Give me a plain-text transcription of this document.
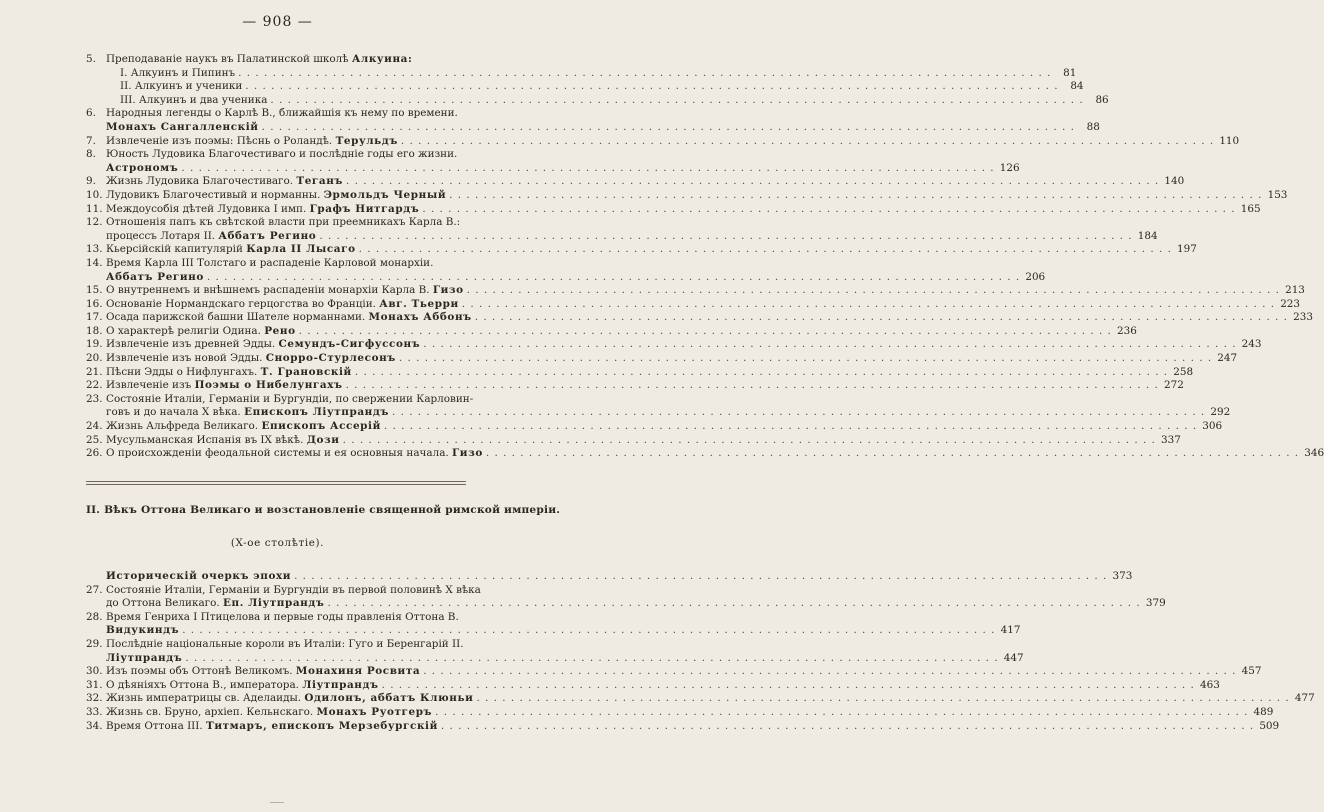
— 908 —
5. Преподаванiе наукъ въ Палатинской школѣ Алкуина:
I. Алкуинъ и Пипинъ . . .	81
II. Алкуинъ и ученики . . .	84
III. Алкуинъ и два ученика . . .	86
6. Народныя легенды о Карлѣ В., ближайшiя къ нему по времени.
Монахъ Сангалленскiй . . .	88
7. Извлеченiе изъ поэмы: Пѣснь о Роландѣ. Терульдъ . . .	110
8. Юность Лудовика Благочестиваго и послѣднiе годы его жизни.
Астрономъ . . .	126
9. Жизнь Лудовика Благочестиваго. Теганъ . . .	140
10. Лудовикъ Благочестивый и норманны. Эрмольдъ Черный . . .	153
11. Междоусобiя дѣтей Лудовика I имп. Графъ Нитгардъ . . .	165
12. Отношенiя папъ къ свѣтской власти при преемникахъ Карла В.:
процессъ Лотаря II. Аббатъ Регино . . .	184
13. Кьерсiйскiй капитулярiй Карла II Лысаго . . .	197
14. Время Карла III Толстаго и распаденiе Карловой монархiи.
Аббатъ Регино . . .	206
15. О внутреннемъ и внѣшнемъ распаденiи монархiи Карла В. Гизо . . .	213
16. Основанiе Нормандскаго герцогства во Францiи. Авг. Тьерри . . .	223
17. Осада парижской башни Шателе норманнами. Монахъ Аббонъ . . .	233
18. О характерѣ религiи Одина. Рено . . .	236
19. Извлеченiе изъ древней Эдды. Семундъ-Сигфуссонъ . . .	243
20. Извлеченiе изъ новой Эдды. Снорро-Стурлесонъ . . .	247
21. Пѣсни Эдды о Нифлунгахъ. Т. Грановскiй . . .	258
22. Извлеченiе изъ Поэмы о Нибелунгахъ . . .	272
23. Состоянiе Италiи, Германiи и Бургундiи, по свержении Карловин-
говъ и до начала X вѣка. Епископъ Лiутпрандъ . . .	292
24. Жизнь Альфреда Великаго. Епископъ Ассерiй . . .	306
25. Мусульманская Испанiя въ IX вѣкѣ. Дози . . .	337
26. О происхожденiи феодальной системы и ея основныя начала. Гизо . . .	346
II. Вѣкъ Оттона Великаго и возстановленiе священной римской имперiи.
(X-ое столѣтiе).
Историческiй очеркъ эпохи . . .	373
27. Состоянiе Италiи, Германiи и Бургундiи въ первой половинѣ X вѣка
до Оттона Великаго. Еп. Лiутпрандъ . . .	379
28. Время Генриха I Птицелова и первые годы правленiя Оттона В.
Видукиндъ . . .	417
29. Послѣднiе нацiональные короли въ Италiи: Гуго и Беренгарiй II.
Лiутпрандъ . . .	447
30. Изъ поэмы объ Оттонѣ Великомъ. Монахиня Росвита . . .	457
31. О дѣянiяхъ Оттона В., императора. Лiутпрандъ . . .	463
32. Жизнь императрицы св. Аделаиды. Одилонъ, аббатъ Клюньи . . .	477
33. Жизнь св. Бруно, архiеп. Кельнскаго. Монахъ Руотгеръ . . .	489
34. Время Оттона III. Титмаръ, епископъ Мерзебургскiй . . .	509
